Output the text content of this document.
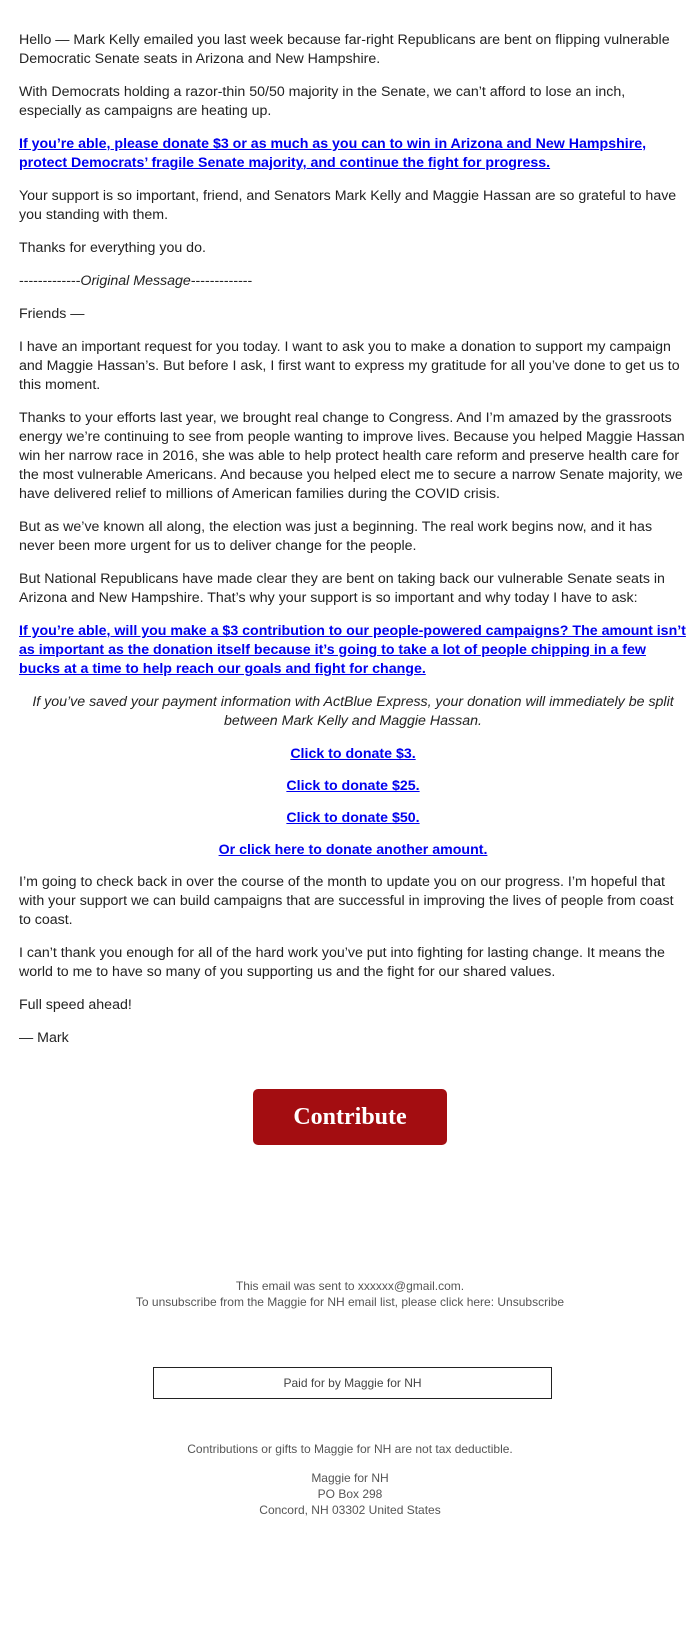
Hello — Mark Kelly emailed you last week because far-right Republicans are bent on flipping vulnerable Democratic Senate seats in Arizona and New Hampshire.

With Democrats holding a razor-thin 50/50 majority in the Senate, we can’t afford to lose an inch, especially as campaigns are heating up.

If you’re able, please donate $3 or as much as you can to win in Arizona and New Hampshire, protect Democrats’ fragile Senate majority, and continue the fight for progress.

Your support is so important, friend, and Senators Mark Kelly and Maggie Hassan are so grateful to have you standing with them.

Thanks for everything you do.

-------------Original Message-------------

Friends —

I have an important request for you today. I want to ask you to make a donation to support my campaign and Maggie Hassan’s. But before I ask, I first want to express my gratitude for all you’ve done to get us to this moment.

Thanks to your efforts last year, we brought real change to Congress. And I’m amazed by the grassroots energy we’re continuing to see from people wanting to improve lives. Because you helped Maggie Hassan win her narrow race in 2016, she was able to help protect health care reform and preserve health care for the most vulnerable Americans. And because you helped elect me to secure a narrow Senate majority, we have delivered relief to millions of American families during the COVID crisis.

But as we’ve known all along, the election was just a beginning. The real work begins now, and it has never been more urgent for us to deliver change for the people.

But National Republicans have made clear they are bent on taking back our vulnerable Senate seats in Arizona and New Hampshire. That’s why your support is so important and why today I have to ask:

If you’re able, will you make a $3 contribution to our people-powered campaigns? The amount isn’t as important as the donation itself because it’s going to take a lot of people chipping in a few bucks at a time to help reach our goals and fight for change.

If you’ve saved your payment information with ActBlue Express, your donation will immediately be split between Mark Kelly and Maggie Hassan.

Click to donate $3.
Click to donate $25.
Click to donate $50.
Or click here to donate another amount.

I’m going to check back in over the course of the month to update you on our progress. I’m hopeful that with your support we can build campaigns that are successful in improving the lives of people from coast to coast.

I can’t thank you enough for all of the hard work you’ve put into fighting for lasting change. It means the world to me to have so many of you supporting us and the fight for our shared values.

Full speed ahead!

— Mark

Contribute
This email was sent to xxxxxx@gmail.com.
To unsubscribe from the Maggie for NH email list, please click here: Unsubscribe
Paid for by Maggie for NH
Contributions or gifts to Maggie for NH are not tax deductible.
Maggie for NH
PO Box 298
Concord, NH 03302 United States
